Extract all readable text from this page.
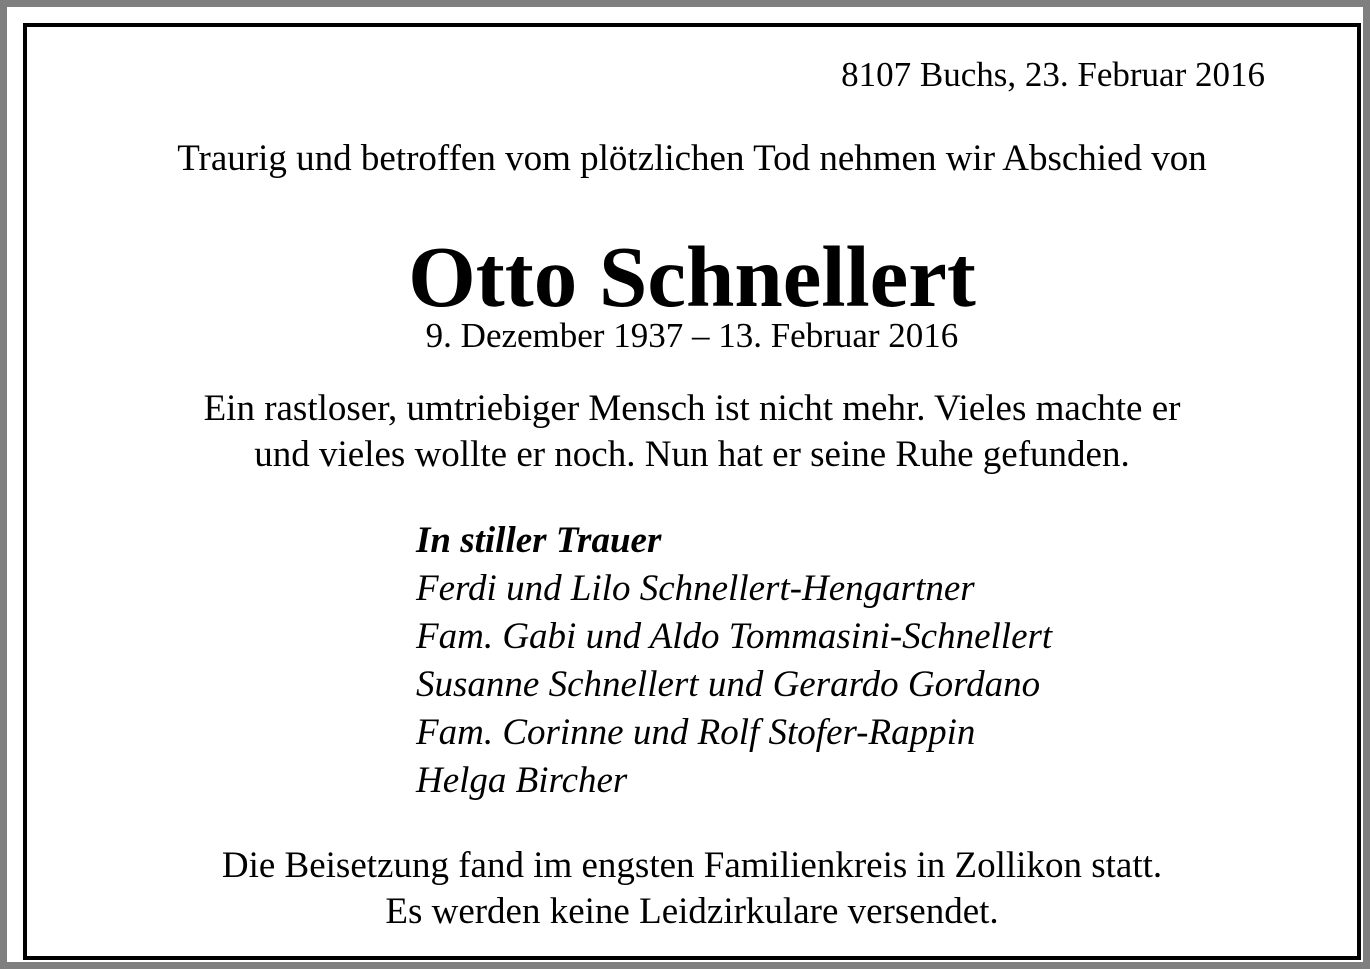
8107 Buchs, 23. Februar 2016
Traurig und betroffen vom plötzlichen Tod nehmen wir Abschied von
Otto Schnellert
9. Dezember 1937 – 13. Februar 2016
Ein rastloser, umtriebiger Mensch ist nicht mehr. Vieles machte er
und vieles wollte er noch. Nun hat er seine Ruhe gefunden.
In stiller Trauer
Ferdi und Lilo Schnellert-Hengartner
Fam. Gabi und Aldo Tommasini-Schnellert
Susanne Schnellert und Gerardo Gordano
Fam. Corinne und Rolf Stofer-Rappin
Helga Bircher
Die Beisetzung fand im engsten Familienkreis in Zollikon statt.
Es werden keine Leidzirkulare versendet.
